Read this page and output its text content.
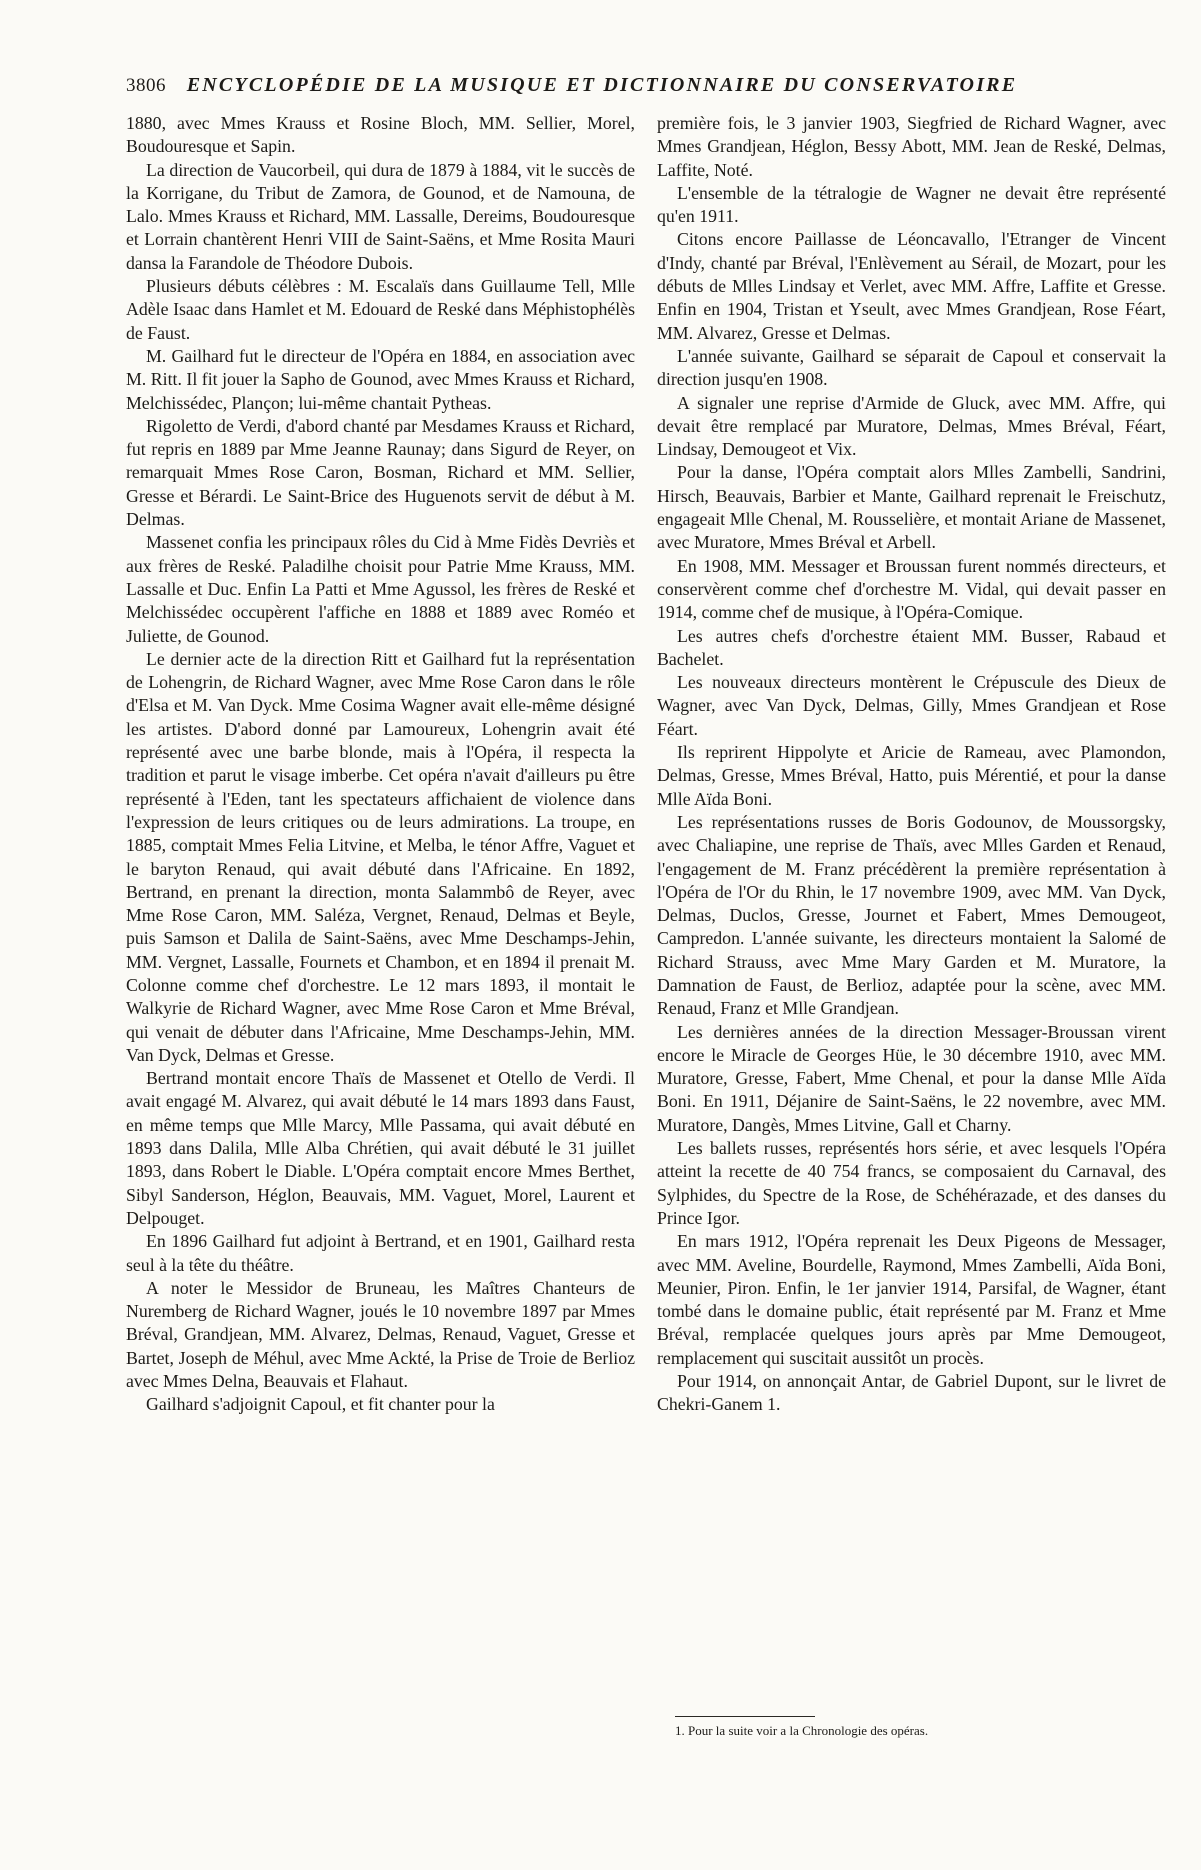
3806	ENCYCLOPÉDIE DE LA MUSIQUE ET DICTIONNAIRE DU CONSERVATOIRE

1880, avec Mmes Krauss et Rosine Bloch, MM. Sellier, Morel, Boudouresque et Sapin.

La direction de Vaucorbeil, qui dura de 1879 à 1884, vit le succès de la Korrigane, du Tribut de Zamora, de Gounod, et de Namouna, de Lalo. Mmes Krauss et Richard, MM. Lassalle, Dereims, Boudouresque et Lorrain chantèrent Henri VIII de Saint-Saëns, et Mme Rosita Mauri dansa la Farandole de Théodore Dubois.

Plusieurs débuts célèbres : M. Escalaïs dans Guillaume Tell, Mlle Adèle Isaac dans Hamlet et M. Edouard de Reské dans Méphistophélès de Faust.

M. Gailhard fut le directeur de l'Opéra en 1884, en association avec M. Ritt. Il fit jouer la Sapho de Gounod, avec Mmes Krauss et Richard, Melchissédec, Plançon; lui-même chantait Pytheas.

Rigoletto de Verdi, d'abord chanté par Mesdames Krauss et Richard, fut repris en 1889 par Mme Jeanne Raunay; dans Sigurd de Reyer, on remarquait Mmes Rose Caron, Bosman, Richard et MM. Sellier, Gresse et Bérardi. Le Saint-Brice des Huguenots servit de début à M. Delmas.

Massenet confia les principaux rôles du Cid à Mme Fidès Devriès et aux frères de Reské. Paladilhe choisit pour Patrie Mme Krauss, MM. Lassalle et Duc. Enfin La Patti et Mme Agussol, les frères de Reské et Melchissédec occupèrent l'affiche en 1888 et 1889 avec Roméo et Juliette, de Gounod.

Le dernier acte de la direction Ritt et Gailhard fut la représentation de Lohengrin, de Richard Wagner, avec Mme Rose Caron dans le rôle d'Elsa et M. Van Dyck. Mme Cosima Wagner avait elle-même désigné les artistes. D'abord donné par Lamoureux, Lohengrin avait été représenté avec une barbe blonde, mais à l'Opéra, il respecta la tradition et parut le visage imberbe. Cet opéra n'avait d'ailleurs pu être représenté à l'Eden, tant les spectateurs affichaient de violence dans l'expression de leurs critiques ou de leurs admirations. La troupe, en 1885, comptait Mmes Felia Litvine, et Melba, le ténor Affre, Vaguet et le baryton Renaud, qui avait débuté dans l'Africaine. En 1892, Bertrand, en prenant la direction, monta Salammbô de Reyer, avec Mme Rose Caron, MM. Saléza, Vergnet, Renaud, Delmas et Beyle, puis Samson et Dalila de Saint-Saëns, avec Mme Deschamps-Jehin, MM. Vergnet, Lassalle, Fournets et Chambon, et en 1894 il prenait M. Colonne comme chef d'orchestre. Le 12 mars 1893, il montait le Walkyrie de Richard Wagner, avec Mme Rose Caron et Mme Bréval, qui venait de débuter dans l'Africaine, Mme Deschamps-Jehin, MM. Van Dyck, Delmas et Gresse.

Bertrand montait encore Thaïs de Massenet et Otello de Verdi. Il avait engagé M. Alvarez, qui avait débuté le 14 mars 1893 dans Faust, en même temps que Mlle Marcy, Mlle Passama, qui avait débuté en 1893 dans Dalila, Mlle Alba Chrétien, qui avait débuté le 31 juillet 1893, dans Robert le Diable. L'Opéra comptait encore Mmes Berthet, Sibyl Sanderson, Héglon, Beauvais, MM. Vaguet, Morel, Laurent et Delpouget.

En 1896 Gailhard fut adjoint à Bertrand, et en 1901, Gailhard resta seul à la tête du théâtre.

A noter le Messidor de Bruneau, les Maîtres Chanteurs de Nuremberg de Richard Wagner, joués le 10 novembre 1897 par Mmes Bréval, Grandjean, MM. Alvarez, Delmas, Renaud, Vaguet, Gresse et Bartet, Joseph de Méhul, avec Mme Ackté, la Prise de Troie de Berlioz avec Mmes Delna, Beauvais et Flahaut.

Gailhard s'adjoignit Capoul, et fit chanter pour la

première fois, le 3 janvier 1903, Siegfried de Richard Wagner, avec Mmes Grandjean, Héglon, Bessy Abott, MM. Jean de Reské, Delmas, Laffite, Noté.

L'ensemble de la tétralogie de Wagner ne devait être représenté qu'en 1911.

Citons encore Paillasse de Léoncavallo, l'Etranger de Vincent d'Indy, chanté par Bréval, l'Enlèvement au Sérail, de Mozart, pour les débuts de Mlles Lindsay et Verlet, avec MM. Affre, Laffite et Gresse. Enfin en 1904, Tristan et Yseult, avec Mmes Grandjean, Rose Féart, MM. Alvarez, Gresse et Delmas.

L'année suivante, Gailhard se séparait de Capoul et conservait la direction jusqu'en 1908.

A signaler une reprise d'Armide de Gluck, avec MM. Affre, qui devait être remplacé par Muratore, Delmas, Mmes Bréval, Féart, Lindsay, Demougeot et Vix.

Pour la danse, l'Opéra comptait alors Mlles Zambelli, Sandrini, Hirsch, Beauvais, Barbier et Mante, Gailhard reprenait le Freischutz, engageait Mlle Chenal, M. Rousselière, et montait Ariane de Massenet, avec Muratore, Mmes Bréval et Arbell.

En 1908, MM. Messager et Broussan furent nommés directeurs, et conservèrent comme chef d'orchestre M. Vidal, qui devait passer en 1914, comme chef de musique, à l'Opéra-Comique.

Les autres chefs d'orchestre étaient MM. Busser, Rabaud et Bachelet.

Les nouveaux directeurs montèrent le Crépuscule des Dieux de Wagner, avec Van Dyck, Delmas, Gilly, Mmes Grandjean et Rose Féart.

Ils reprirent Hippolyte et Aricie de Rameau, avec Plamondon, Delmas, Gresse, Mmes Bréval, Hatto, puis Mérentié, et pour la danse Mlle Aïda Boni.

Les représentations russes de Boris Godounov, de Moussorgsky, avec Chaliapine, une reprise de Thaïs, avec Mlles Garden et Renaud, l'engagement de M. Franz précédèrent la première représentation à l'Opéra de l'Or du Rhin, le 17 novembre 1909, avec MM. Van Dyck, Delmas, Duclos, Gresse, Journet et Fabert, Mmes Demougeot, Campredon. L'année suivante, les directeurs montaient la Salomé de Richard Strauss, avec Mme Mary Garden et M. Muratore, la Damnation de Faust, de Berlioz, adaptée pour la scène, avec MM. Renaud, Franz et Mlle Grandjean.

Les dernières années de la direction Messager-Broussan virent encore le Miracle de Georges Hüe, le 30 décembre 1910, avec MM. Muratore, Gresse, Fabert, Mme Chenal, et pour la danse Mlle Aïda Boni. En 1911, Déjanire de Saint-Saëns, le 22 novembre, avec MM. Muratore, Dangès, Mmes Litvine, Gall et Charny.

Les ballets russes, représentés hors série, et avec lesquels l'Opéra atteint la recette de 40 754 francs, se composaient du Carnaval, des Sylphides, du Spectre de la Rose, de Schéhérazade, et des danses du Prince Igor.

En mars 1912, l'Opéra reprenait les Deux Pigeons de Messager, avec MM. Aveline, Bourdelle, Raymond, Mmes Zambelli, Aïda Boni, Meunier, Piron. Enfin, le 1er janvier 1914, Parsifal, de Wagner, étant tombé dans le domaine public, était représenté par M. Franz et Mme Bréval, remplacée quelques jours après par Mme Demougeot, remplacement qui suscitait aussitôt un procès.

Pour 1914, on annonçait Antar, de Gabriel Dupont, sur le livret de Chekri-Ganem 1.

1. Pour la suite voir a la Chronologie des opéras.
